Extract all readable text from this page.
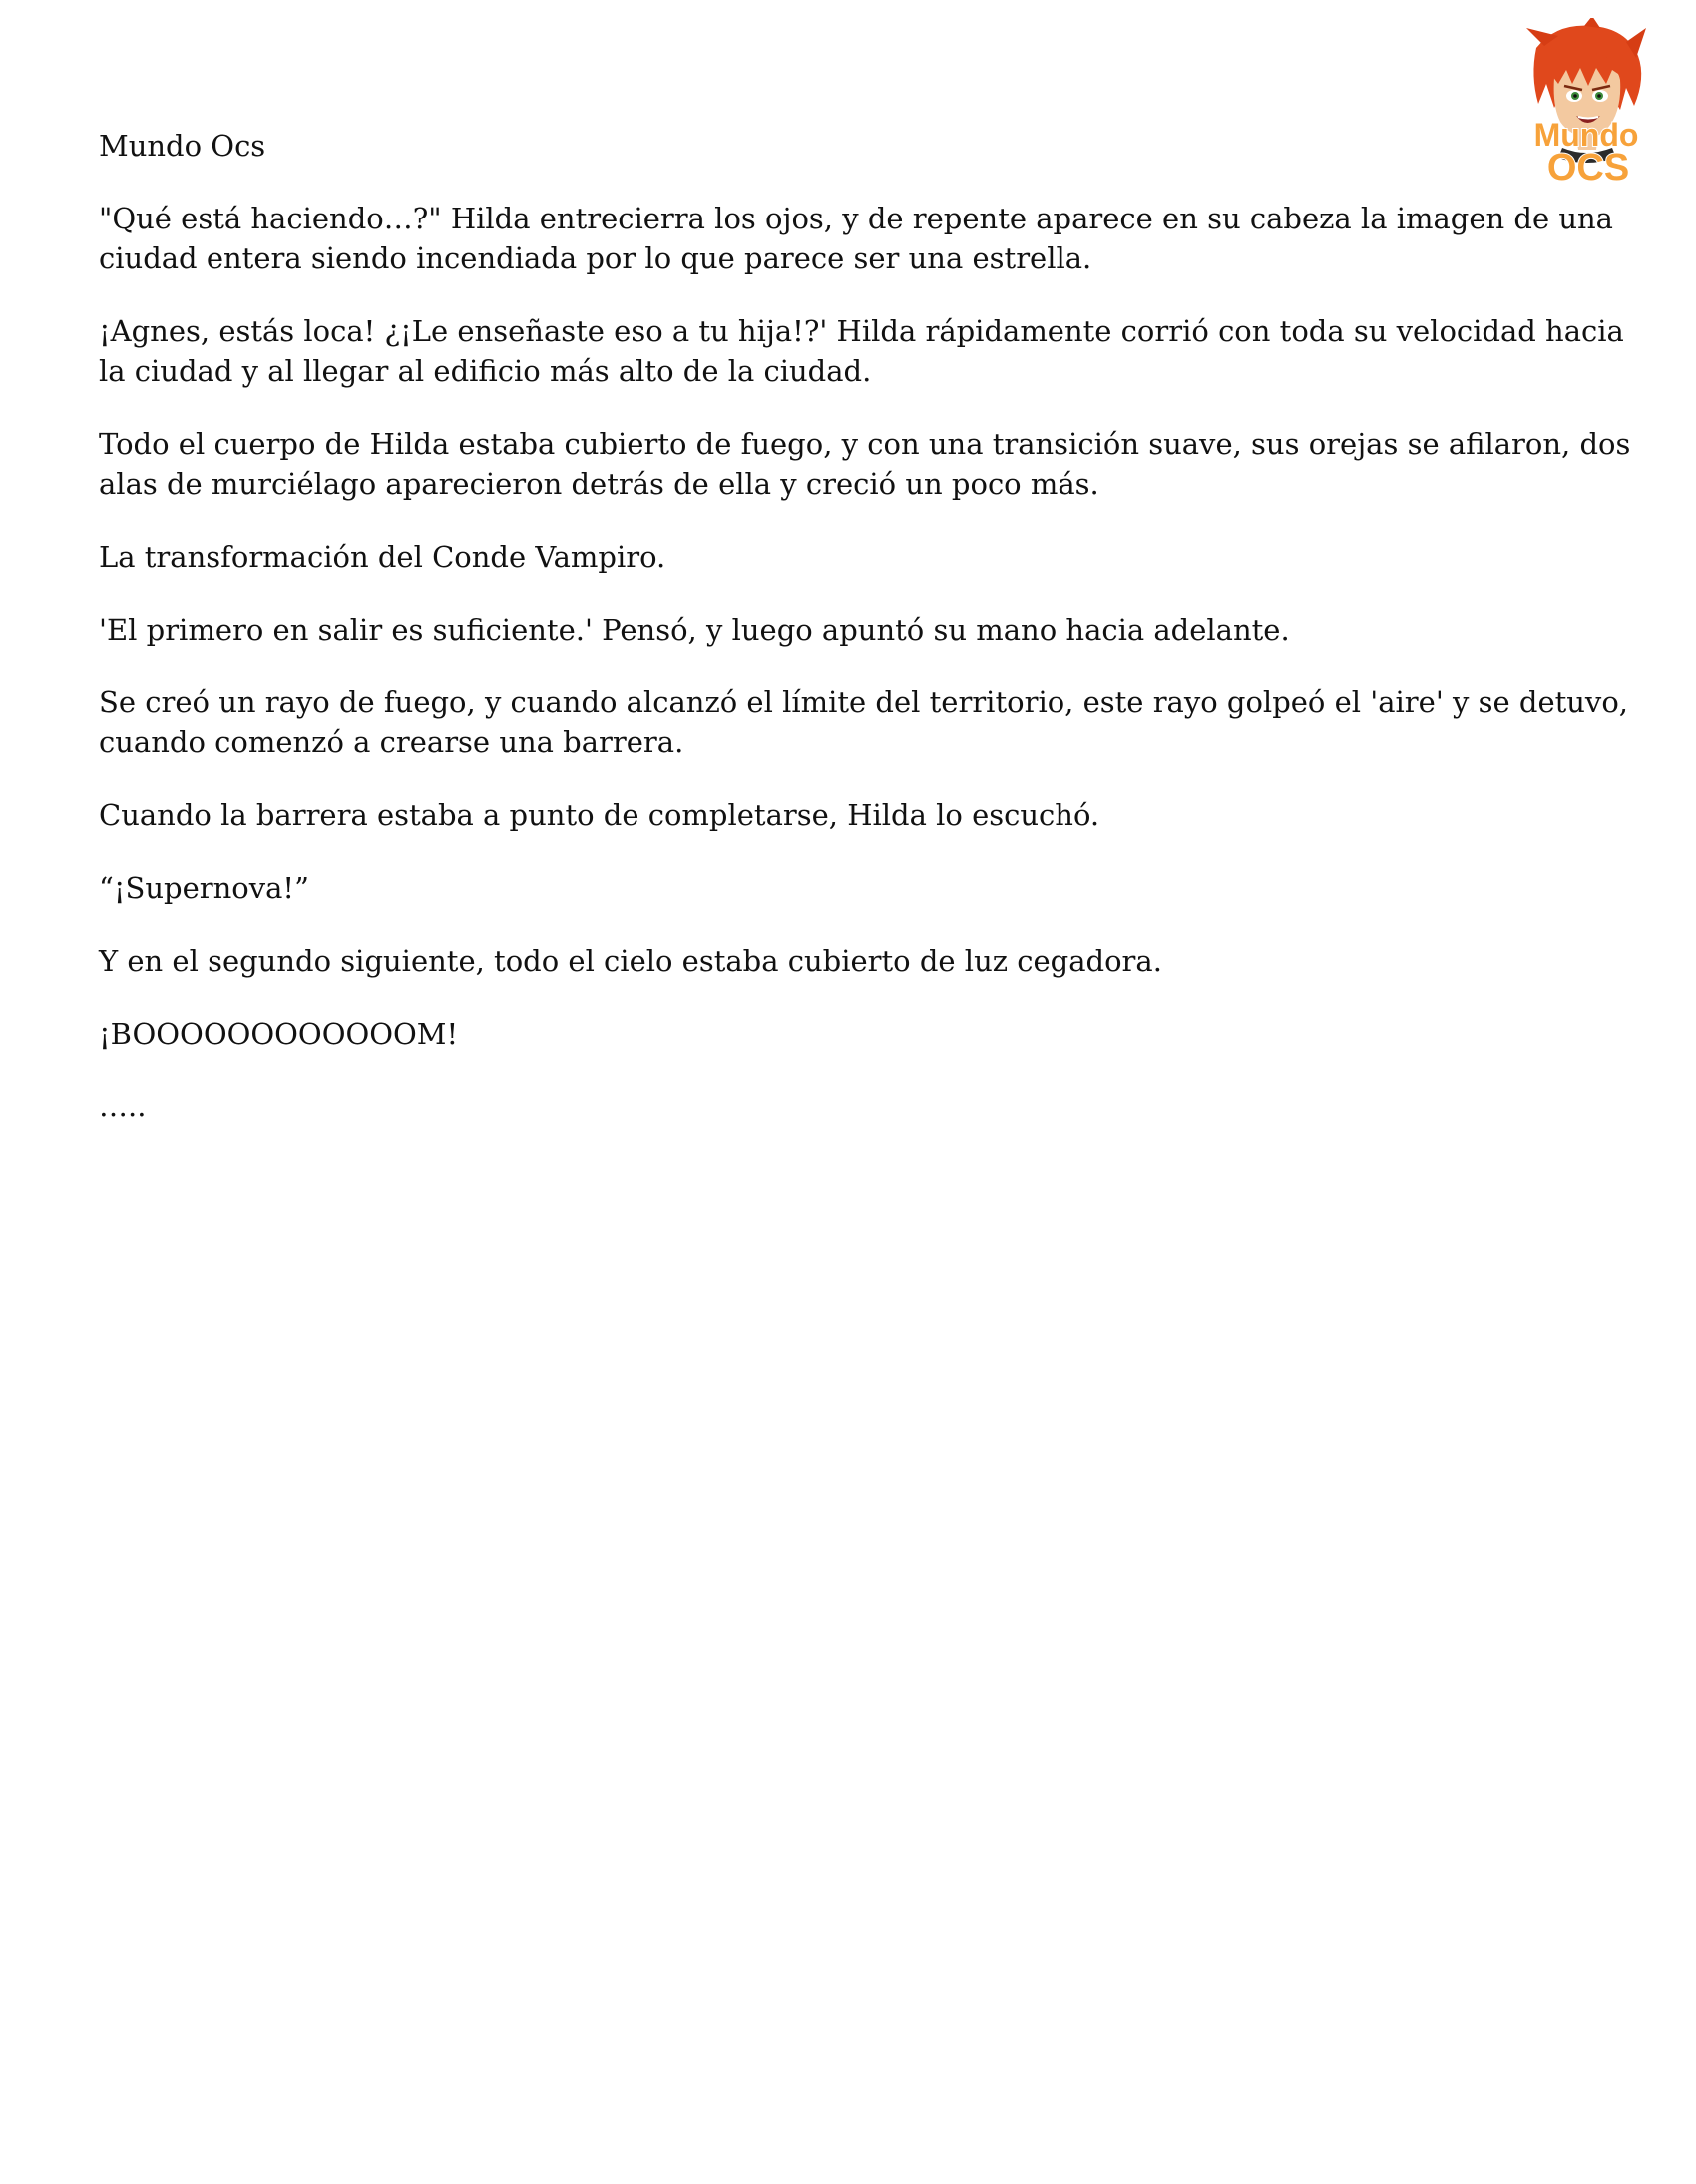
Mundo
OCS

Mundo Ocs

"Qué está haciendo…?" Hilda entrecierra los ojos, y de repente aparece en su cabeza la imagen de una ciudad entera siendo incendiada por lo que parece ser una estrella.

¡Agnes, estás loca! ¿¡Le enseñaste eso a tu hija!?' Hilda rápidamente corrió con toda su velocidad hacia la ciudad y al llegar al edificio más alto de la ciudad.

Todo el cuerpo de Hilda estaba cubierto de fuego, y con una transición suave, sus orejas se afilaron, dos alas de murciélago aparecieron detrás de ella y creció un poco más.

La transformación del Conde Vampiro.

'El primero en salir es suficiente.' Pensó, y luego apuntó su mano hacia adelante.

Se creó un rayo de fuego, y cuando alcanzó el límite del territorio, este rayo golpeó el 'aire' y se detuvo, cuando comenzó a crearse una barrera.

Cuando la barrera estaba a punto de completarse, Hilda lo escuchó.

“¡Supernova!”

Y en el segundo siguiente, todo el cielo estaba cubierto de luz cegadora.

¡BOOOOOOOOOOOOM!

…..
